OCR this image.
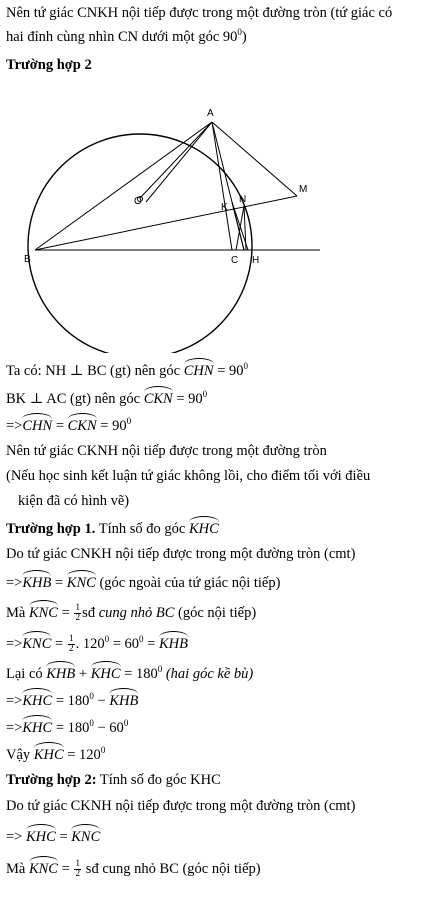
Nên tứ giác CNKH nội tiếp được trong một đường tròn (tứ giác có
hai đỉnh cùng nhìn CN dưới một góc $90^0$)
Trường hợp 2
A
O
K
N
M
B	C H
Ta có: NH ⊥ BC (gt) nên góc CHN = $90^0$
BK ⊥ AC (gt) nên góc CKN = $90^0$
=>CHN = CKN = $90^0$
Nên tứ giác CKNH nội tiếp được trong một đường tròn
(Nếu học sinh kết luận tứ giác không lồi, cho điểm tối với điều
kiện đã có hình vẽ)
Trường hợp 1. Tính số đo góc KHC
Do tứ giác CNKH nội tiếp được trong một đường tròn (cmt)
=>KHB = KNC (góc ngoài của tứ giác nội tiếp)
Mà KNC = $\frac{1}{2}$ sđ cung nhỏ BC (góc nội tiếp)
$=>KNC = \frac{1}{2}$ . $120^0 = 60^0$ = KHB
Lại có KHB + KHC = $180^0$ (hai góc kề bù)
$=>KHC = 180^0$ − KHB
$=>KHC = 180^0 - 60^0$
Vậy KHC = $120^0$
Trường hợp 2: Tính số đo góc KHC
Do tứ giác CKNH nội tiếp được trong một đường tròn (cmt)
=> KHC = KNC
Mà KNC = $\frac{1}{2}$ sđ cung nhỏ BC (góc nội tiếp)
